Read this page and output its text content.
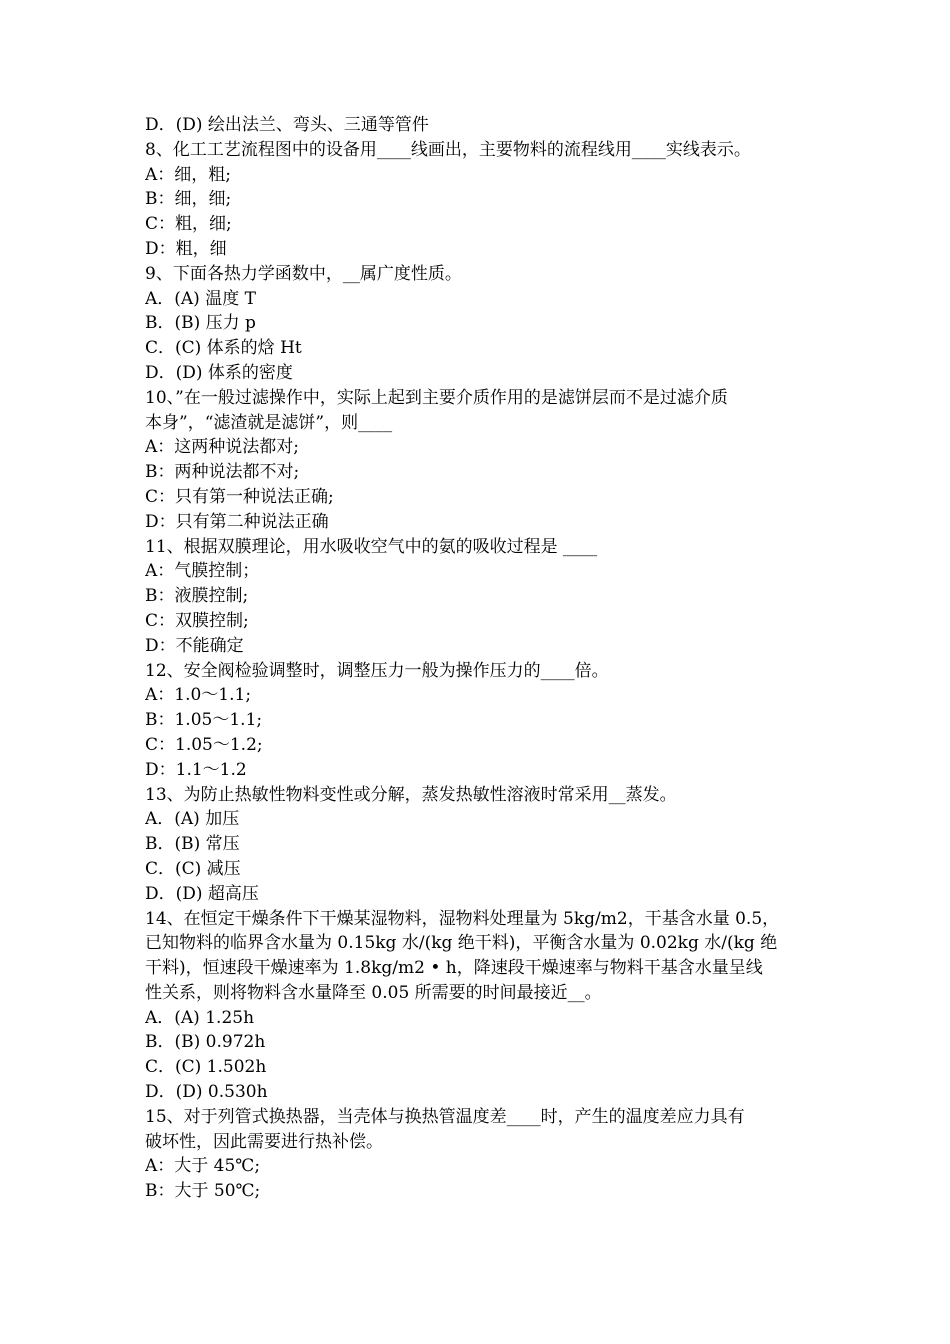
D．(D) 绘出法兰、弯头、三通等管件
8、化工工艺流程图中的设备用____线画出，主要物料的流程线用____实线表示。
A：细，粗;
B：细，细;
C：粗，细;
D：粗，细
9、下面各热力学函数中，__属广度性质。
A．(A) 温度 T
B．(B) 压力 p
C．(C) 体系的焓 Ht
D．(D) 体系的密度
10、”在一般过滤操作中，实际上起到主要介质作用的是滤饼层而不是过滤介质
本身”，“滤渣就是滤饼”，则____
A：这两种说法都对;
B：两种说法都不对;
C：只有第一种说法正确;
D：只有第二种说法正确
11、根据双膜理论，用水吸收空气中的氨的吸收过程是 ____
A：气膜控制；
B：液膜控制;
C：双膜控制;
D：不能确定
12、安全阀检验调整时，调整压力一般为操作压力的____倍。
A：1.0～1.1;
B：1.05～1.1;
C：1.05～1.2;
D：1.1～1.2
13、为防止热敏性物料变性或分解，蒸发热敏性溶液时常采用__蒸发。
A．(A) 加压
B．(B) 常压
C．(C) 减压
D．(D) 超高压
14、在恒定干燥条件下干燥某湿物料，湿物料处理量为 5kg/m2，干基含水量 0.5，
已知物料的临界含水量为 0.15kg 水/(kg 绝干料)，平衡含水量为 0.02kg 水/(kg 绝
干料)，恒速段干燥速率为 1.8kg/m2 • h，降速段干燥速率与物料干基含水量呈线
性关系，则将物料含水量降至 0.05 所需要的时间最接近__。
A．(A) 1.25h
B．(B) 0.972h
C．(C) 1.502h
D．(D) 0.530h
15、对于列管式换热器，当壳体与换热管温度差____时，产生的温度差应力具有
破坏性，因此需要进行热补偿。
A：大于 45℃;
B：大于 50℃;
